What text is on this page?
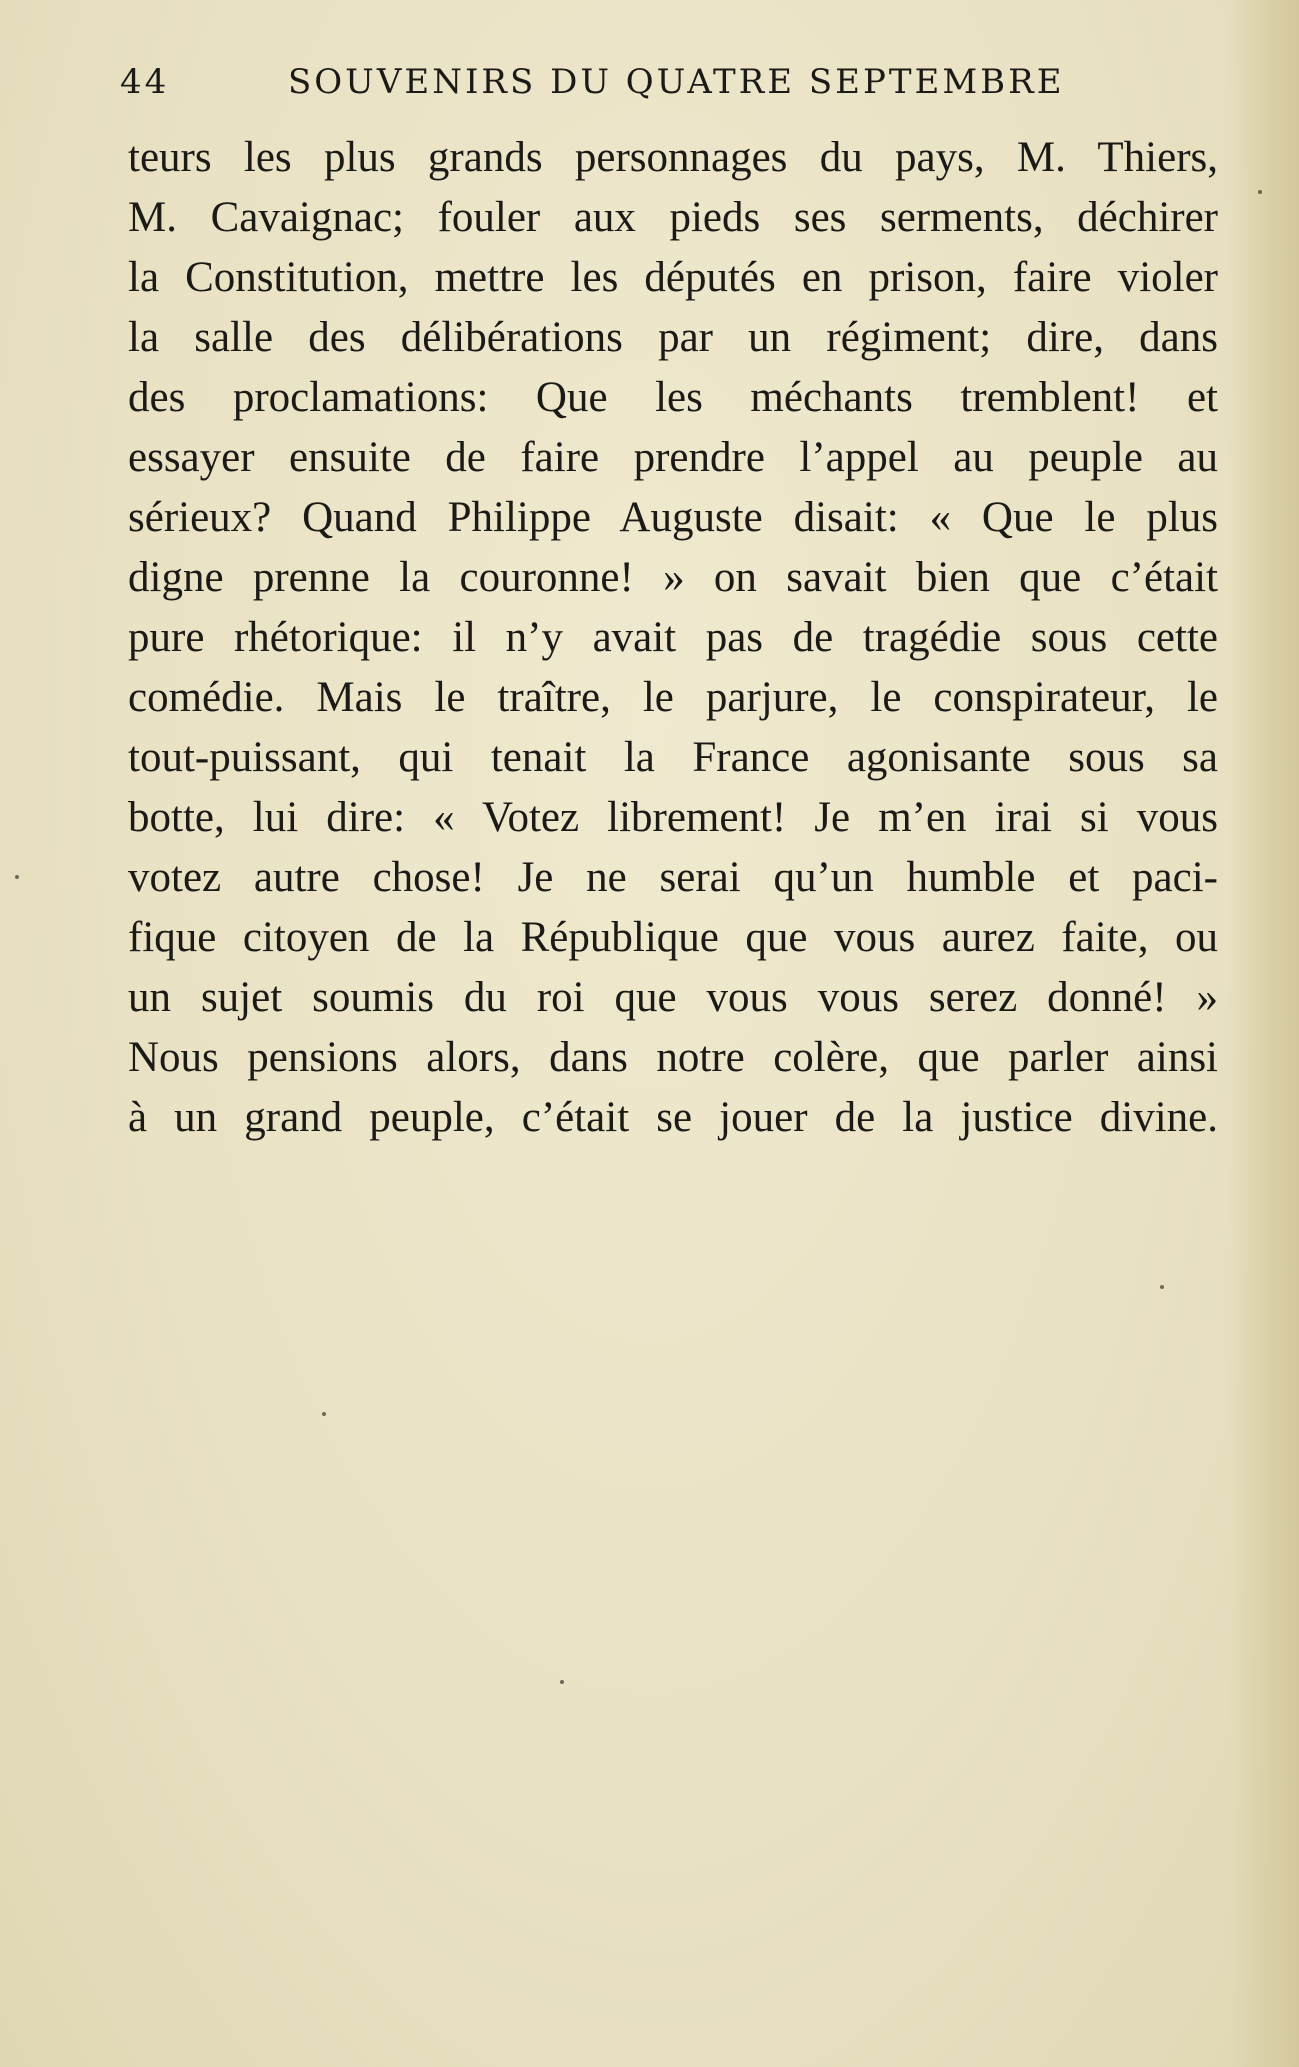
44	SOUVENIRS DU QUATRE SEPTEMBRE
teurs les plus grands personnages du pays, M. Thiers,
M. Cavaignac; fouler aux pieds ses serments, déchirer
la Constitution, mettre les députés en prison, faire violer
la salle des délibérations par un régiment; dire, dans
des proclamations: Que les méchants tremblent! et
essayer ensuite de faire prendre l’appel au peuple au
sérieux? Quand Philippe Auguste disait: « Que le plus
digne prenne la couronne! » on savait bien que c’était
pure rhétorique: il n’y avait pas de tragédie sous cette
comédie. Mais le traître, le parjure, le conspirateur, le
tout-puissant, qui tenait la France agonisante sous sa
botte, lui dire: « Votez librement! Je m’en irai si vous
votez autre chose! Je ne serai qu’un humble et paci-
fique citoyen de la République que vous aurez faite, ou
un sujet soumis du roi que vous vous serez donné! »
Nous pensions alors, dans notre colère, que parler ainsi
à un grand peuple, c’était se jouer de la justice divine.
